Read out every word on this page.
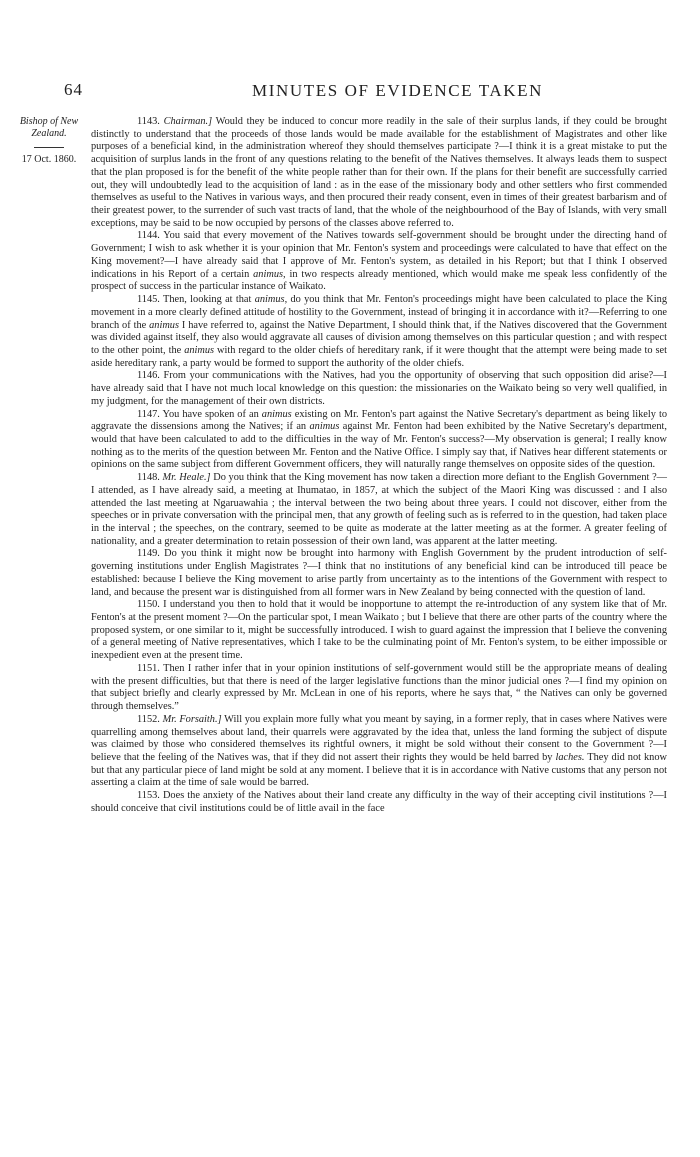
64	MINUTES OF EVIDENCE TAKEN
Bishop of New Zealand.
17 Oct. 1860.

1143. Chairman.] Would they be induced to concur more readily in the sale of their surplus lands, if they could be brought distinctly to understand that the proceeds of those lands would be made available for the establishment of Magistrates and other like purposes of a beneficial kind, in the administration whereof they should themselves participate ?—I think it is a great mistake to put the acquisition of surplus lands in the front of any questions relating to the benefit of the Natives themselves. It always leads them to suspect that the plan proposed is for the benefit of the white people rather than for their own. If the plans for their benefit are successfully carried out, they will undoubtedly lead to the acquisition of land : as in the ease of the missionary body and other settlers who first commended themselves as useful to the Natives in various ways, and then procured their ready consent, even in times of their greatest barbarism and of their greatest power, to the surrender of such vast tracts of land, that the whole of the neighbourhood of the Bay of Islands, with very small exceptions, may be said to be now occupied by persons of the classes above referred to.

1144. You said that every movement of the Natives towards self-government should be brought under the directing hand of Government; I wish to ask whether it is your opinion that Mr. Fenton's system and proceedings were calculated to have that effect on the King movement?—I have already said that I approve of Mr. Fenton's system, as detailed in his Report; but that I think I observed indications in his Report of a certain animus, in two respects already mentioned, which would make me speak less confidently of the prospect of success in the particular instance of Waikato.

1145. Then, looking at that animus, do you think that Mr. Fenton's proceedings might have been calculated to place the King movement in a more clearly defined attitude of hostility to the Government, instead of bringing it in accordance with it?—Referring to one branch of the animus I have referred to, against the Native Department, I should think that, if the Natives discovered that the Government was divided against itself, they also would aggravate all causes of division among themselves on this particular question ; and with respect to the other point, the animus with regard to the older chiefs of hereditary rank, if it were thought that the attempt were being made to set aside hereditary rank, a party would be formed to support the authority of the older chiefs.

1146. From your communications with the Natives, had you the opportunity of observing that such opposition did arise?—I have already said that I have not much local knowledge on this question: the missionaries on the Waikato being so very well qualified, in my judgment, for the management of their own districts.

1147. You have spoken of an animus existing on Mr. Fenton's part against the Native Secretary's department as being likely to aggravate the dissensions among the Natives; if an animus against Mr. Fenton had been exhibited by the Native Secretary's department, would that have been calculated to add to the difficulties in the way of Mr. Fenton's success?—My observation is general; I really know nothing as to the merits of the question between Mr. Fenton and the Native Office. I simply say that, if Natives hear different statements or opinions on the same subject from different Government officers, they will naturally range themselves on opposite sides of the question.

1148. Mr. Heale.] Do you think that the King movement has now taken a direction more defiant to the English Government ?—I attended, as I have already said, a meeting at Ihumatao, in 1857, at which the subject of the Maori King was discussed : and I also attended the last meeting at Ngaruawahia ; the interval between the two being about three years. I could not discover, either from the speeches or in private conversation with the principal men, that any growth of feeling such as is referred to in the question, had taken place in the interval ; the speeches, on the contrary, seemed to be quite as moderate at the latter meeting as at the former. A greater feeling of nationality, and a greater determination to retain possession of their own land, was apparent at the latter meeting.

1149. Do you think it might now be brought into harmony with English Government by the prudent introduction of self-governing institutions under English Magistrates ?—I think that no institutions of any beneficial kind can be introduced till peace be established: because I believe the King movement to arise partly from uncertainty as to the intentions of the Government with respect to land, and because the present war is distinguished from all former wars in New Zealand by being connected with the question of land.

1150. I understand you then to hold that it would be inopportune to attempt the re-introduction of any system like that of Mr. Fenton's at the present moment ?—On the particular spot, I mean Waikato ; but I believe that there are other parts of the country where the proposed system, or one similar to it, might be successfully introduced. I wish to guard against the impression that I believe the convening of a general meeting of Native representatives, which I take to be the culminating point of Mr. Fenton's system, to be either impossible or inexpedient even at the present time.

1151. Then I rather infer that in your opinion institutions of self-government would still be the appropriate means of dealing with the present difficulties, but that there is need of the larger legislative functions than the minor judicial ones ?—I find my opinion on that subject briefly and clearly expressed by Mr. McLean in one of his reports, where he says that, “ the Natives can only be governed through themselves.”

1152. Mr. Forsaith.] Will you explain more fully what you meant by saying, in a former reply, that in cases where Natives were quarrelling among themselves about land, their quarrels were aggravated by the idea that, unless the land forming the subject of dispute was claimed by those who considered themselves its rightful owners, it might be sold without their consent to the Government ?—I believe that the feeling of the Natives was, that if they did not assert their rights they would be held barred by laches. They did not know but that any particular piece of land might be sold at any moment. I believe that it is in accordance with Native customs that any person not asserting a claim at the time of sale would be barred.

1153. Does the anxiety of the Natives about their land create any difficulty in the way of their accepting civil institutions ?—I should conceive that civil institutions could be of little avail in the face
